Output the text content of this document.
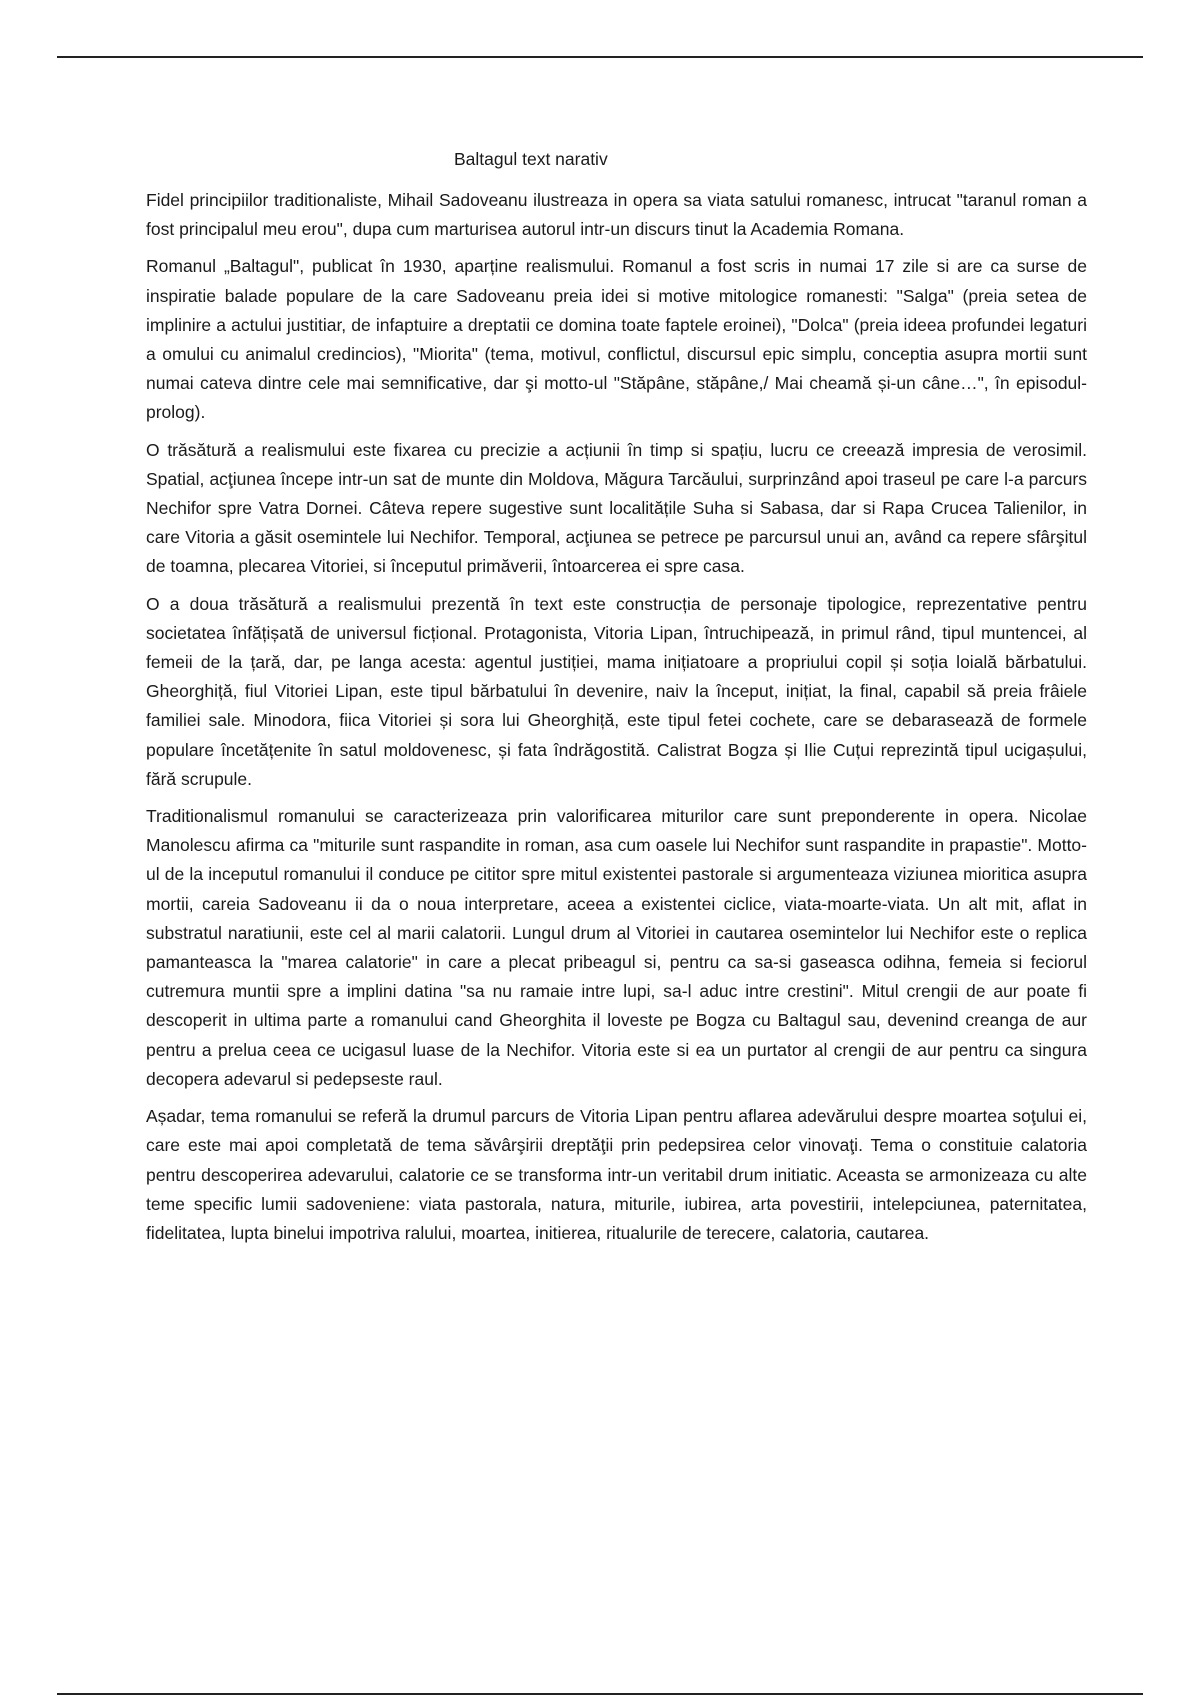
Baltagul text narativ

Fidel principiilor traditionaliste, Mihail Sadoveanu ilustreaza in opera sa viata satului romanesc, intrucat "taranul roman a fost principalul meu erou", dupa cum marturisea autorul intr-un discurs tinut la Academia Romana.

Romanul „Baltagul", publicat în 1930, aparține realismului. Romanul a fost scris in numai 17 zile si are ca surse de inspiratie balade populare de la care Sadoveanu preia idei si motive mitologice romanesti: "Salga" (preia setea de implinire a actului justitiar, de infaptuire a dreptatii ce domina toate faptele eroinei), "Dolca" (preia ideea profundei legaturi a omului cu animalul credincios), "Miorita" (tema, motivul, conflictul, discursul epic simplu, conceptia asupra mortii sunt numai cateva dintre cele mai semnificative, dar şi motto-ul "Stăpâne, stăpâne,/ Mai cheamă și-un câne…", în episodul-prolog).

O trăsătură a realismului este fixarea cu precizie a acțiunii în timp si spațiu, lucru ce creează impresia de verosimil. Spatial, acţiunea începe intr-un sat de munte din Moldova, Măgura Tarcăului, surprinzând apoi traseul pe care l-a parcurs Nechifor spre Vatra Dornei. Câteva repere sugestive sunt localitățile Suha si Sabasa, dar si Rapa Crucea Talienilor, in care Vitoria a găsit osemintele lui Nechifor. Temporal, acţiunea se petrece pe parcursul unui an, având ca repere sfârşitul de toamna, plecarea Vitoriei, si începutul primăverii, întoarcerea ei spre casa.

O a doua trăsătură a realismului prezentă în text este construcția de personaje tipologice, reprezentative pentru societatea înfățișată de universul ficțional. Protagonista, Vitoria Lipan, întruchipează, in primul rând, tipul muntencei, al femeii de la țară, dar, pe langa acesta: agentul justiției, mama inițiatoare a propriului copil și soția loială bărbatului. Gheorghiță, fiul Vitoriei Lipan, este tipul bărbatului în devenire, naiv la început, inițiat, la final, capabil să preia frâiele familiei sale. Minodora, fiica Vitoriei și sora lui Gheorghiță, este tipul fetei cochete, care se debarasează de formele populare încetățenite în satul moldovenesc, și fata îndrăgostită. Calistrat Bogza și Ilie Cuțui reprezintă tipul ucigașului, fără scrupule.

Traditionalismul romanului se caracterizeaza prin valorificarea miturilor care sunt preponderente in opera. Nicolae Manolescu afirma ca "miturile sunt raspandite in roman, asa cum oasele lui Nechifor sunt raspandite in prapastie". Motto-ul de la inceputul romanului il conduce pe cititor spre mitul existentei pastorale si argumenteaza viziunea mioritica asupra mortii, careia Sadoveanu ii da o noua interpretare, aceea a existentei ciclice, viata-moarte-viata. Un alt mit, aflat in substratul naratiunii, este cel al marii calatorii. Lungul drum al Vitoriei in cautarea osemintelor lui Nechifor este o replica pamanteasca la "marea calatorie" in care a plecat pribeagul si, pentru ca sa-si gaseasca odihna, femeia si feciorul cutremura muntii spre a implini datina "sa nu ramaie intre lupi, sa-l aduc intre crestini". Mitul crengii de aur poate fi descoperit in ultima parte a romanului cand Gheorghita il loveste pe Bogza cu Baltagul sau, devenind creanga de aur pentru a prelua ceea ce ucigasul luase de la Nechifor. Vitoria este si ea un purtator al crengii de aur pentru ca singura decopera adevarul si pedepseste raul.

Așadar, tema romanului se referă la drumul parcurs de Vitoria Lipan pentru aflarea adevărului despre moartea soţului ei, care este mai apoi completată de tema săvârşirii dreptăţii prin pedepsirea celor vinovaţi. Tema o constituie calatoria pentru descoperirea adevarului, calatorie ce se transforma intr-un veritabil drum initiatic. Aceasta se armonizeaza cu alte teme specific lumii sadoveniene: viata pastorala, natura, miturile, iubirea, arta povestirii, intelepciunea, paternitatea, fidelitatea, lupta binelui impotriva ralului, moartea, initierea, ritualurile de terecere, calatoria, cautarea.
